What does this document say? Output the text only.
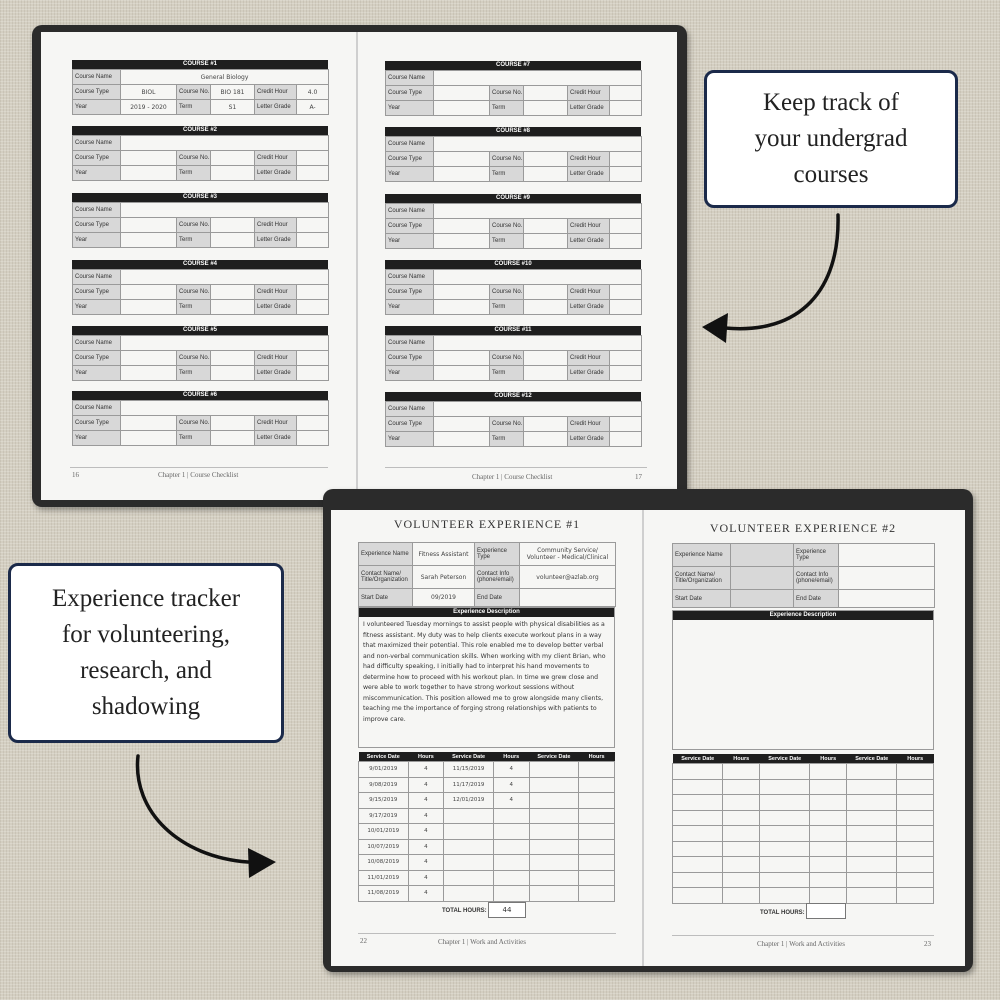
COURSE #1
Course Name	General Biology				
Course Type	BIOL	Course No.	BIO 181	Credit Hour	4.0
Year	2019 - 2020	Term	S1	Letter Grade	A-
COURSE #2
Course Name					
Course Type		Course No.		Credit Hour	
Year		Term		Letter Grade	
COURSE #3
Course Name					
Course Type		Course No.		Credit Hour	
Year		Term		Letter Grade	
COURSE #4
Course Name					
Course Type		Course No.		Credit Hour	
Year		Term		Letter Grade	
COURSE #5
Course Name					
Course Type		Course No.		Credit Hour	
Year		Term		Letter Grade	
COURSE #6
Course Name					
Course Type		Course No.		Credit Hour	
Year		Term		Letter Grade	
COURSE #7
Course Name					
Course Type		Course No.		Credit Hour	
Year		Term		Letter Grade	
COURSE #8
Course Name					
Course Type		Course No.		Credit Hour	
Year		Term		Letter Grade	
COURSE #9
Course Name					
Course Type		Course No.		Credit Hour	
Year		Term		Letter Grade	
COURSE #10
Course Name					
Course Type		Course No.		Credit Hour	
Year		Term		Letter Grade	
COURSE #11
Course Name					
Course Type		Course No.		Credit Hour	
Year		Term		Letter Grade	
COURSE #12
Course Name					
Course Type		Course No.		Credit Hour	
Year		Term		Letter Grade	
16	Chapter 1 | Course Checklist	Chapter 1 | Course Checklist	17
Keep track of
your undergrad
courses
VOLUNTEER EXPERIENCE #1
Experience Name	Fitness Assistant	Experience Type	Community Service/ Volunteer - Medical/Clinical
Contact Name/ Title/Organization	Sarah Peterson	Contact Info (phone/email)	volunteer@azlab.org
Start Date	09/2019	End Date	
Experience Description
I volunteered Tuesday mornings to assist people with physical disabilities as a fitness assistant. My duty was to help clients execute workout plans in a way that maximized their potential. This role enabled me to develop better verbal and non-verbal communication skills. When working with my client Brian, who had difficulty speaking, I initially had to interpret his hand movements to determine how to proceed with his workout plan. In time we grew close and were able to work together to have strong workout sessions without miscommunication. This position allowed me to grow alongside many clients, teaching me the importance of forging strong relationships with patients to improve care.
Service Date	Hours	Service Date	Hours	Service Date	Hours
9/01/2019	4	11/15/2019	4		
9/08/2019	4	11/17/2019	4		
9/15/2019	4	12/01/2019	4		
9/17/2019	4				
10/01/2019	4				
10/07/2019	4				
10/08/2019	4				
11/01/2019	4				
11/08/2019	4				
TOTAL HOURS:	44
VOLUNTEER EXPERIENCE #2
Experience Name		Experience Type	
Contact Name/ Title/Organization		Contact Info (phone/email)	
Start Date		End Date	
Experience Description
Service Date	Hours	Service Date	Hours	Service Date	Hours

TOTAL HOURS:
22	Chapter 1 | Work and Activities	Chapter 1 | Work and Activities	23
Experience tracker
for volunteering,
research, and
shadowing
